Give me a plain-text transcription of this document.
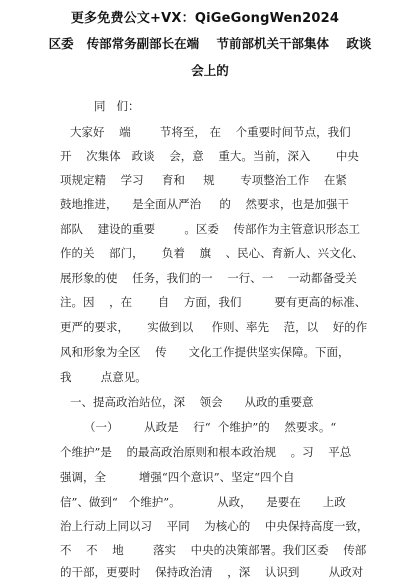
更多免费公文+VX：QiGeGongWen2024
区委   传部常务副部长在端    节前部机关干部集体    政谈
会上的
同   们：
大家好    端        节将至， 在    个重要时间节点，我们
开    次集体   政谈    会，意    重大。当前，深入       中央
项规定精    学习     育和     规       专项整治工作    在紧
鼓地推进，    是全面从严治     的    然要求，也是加强干
部队    建设的重要        。区委    传部作为主管意识形态工
作的关    部门，     负着    旗    、民心、育新人、兴文化、
展形象的使    任务，我们的一    一行、一    一动都备受关
注。因    ，在       自    方面，我们         要有更高的标准、
更严的要求，     实做到以     作则、率先    范，以    好的作
风和形象为全区    传      文化工作提供坚实保障。下面，
我        点意见。
一、提高政治站位，深    领会      从政的重要意
（一）       从政是    行“  个维护”的    然要求。“
个维护”是    的最高政治原则和根本政治规    。习    平总
强调，全         增强“四个意识”、坚定“四个自
信”、做到“   个维护”。          从政，    是要在      上政
治上行动上同以习    平同    为核心的    中央保持高度一致，
不    不    地        落实    中央的决策部署。我们区委    传部
的干部，更要时    保持政治清    ，深    认识到        从政对
